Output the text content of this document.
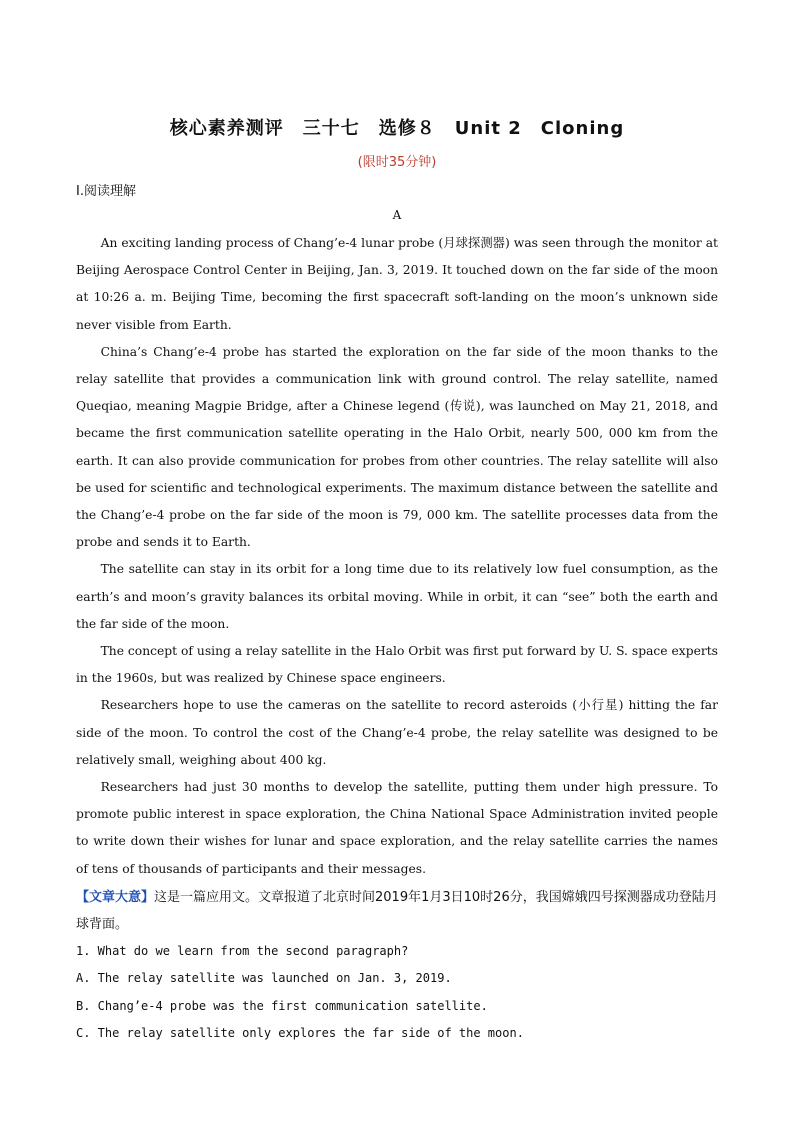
核心素养测评　三十七　选修８　Unit 2　Cloning
(限时35分钟)
Ⅰ.阅读理解
A

An exciting landing process of Chang’e-4 lunar probe (月球探测器) was seen through the monitor at Beijing Aerospace Control Center in Beijing, Jan. 3, 2019. It touched down on the far side of the moon at 10:26 a. m. Beijing Time, becoming the first spacecraft soft-landing on the moon’s unknown side never visible from Earth.

China’s Chang’e-4 probe has started the exploration on the far side of the moon thanks to the relay satellite that provides a communication link with ground control. The relay satellite, named Queqiao, meaning Magpie Bridge, after a Chinese legend (传说), was launched on May 21, 2018, and became the first communication satellite operating in the Halo Orbit, nearly 500, 000 km from the earth. It can also provide communication for probes from other countries. The relay satellite will also be used for scientific and technological experiments. The maximum distance between the satellite and the Chang’e-4 probe on the far side of the moon is 79, 000 km. The satellite processes data from the probe and sends it to Earth.

The satellite can stay in its orbit for a long time due to its relatively low fuel consumption, as the earth’s and moon’s gravity balances its orbital moving. While in orbit, it can “see” both the earth and the far side of the moon.

The concept of using a relay satellite in the Halo Orbit was first put forward by U. S. space experts in the 1960s, but was realized by Chinese space engineers.

Researchers hope to use the cameras on the satellite to record asteroids (小行星) hitting the far side of the moon. To control the cost of the Chang’e-4 probe, the relay satellite was designed to be relatively small, weighing about 400 kg.

Researchers had just 30 months to develop the satellite, putting them under high pressure. To promote public interest in space exploration, the China National Space Administration invited people to write down their wishes for lunar and space exploration, and the relay satellite carries the names of tens of thousands of participants and their messages.

【文章大意】这是一篇应用文。文章报道了北京时间2019年1月3日10时26分，我国嫦娥四号探测器成功登陆月球背面。
1. What do we learn from the second paragraph?
A. The relay satellite was launched on Jan. 3, 2019.
B. Chang’e-4 probe was the first communication satellite.
C. The relay satellite only explores the far side of the moon.
